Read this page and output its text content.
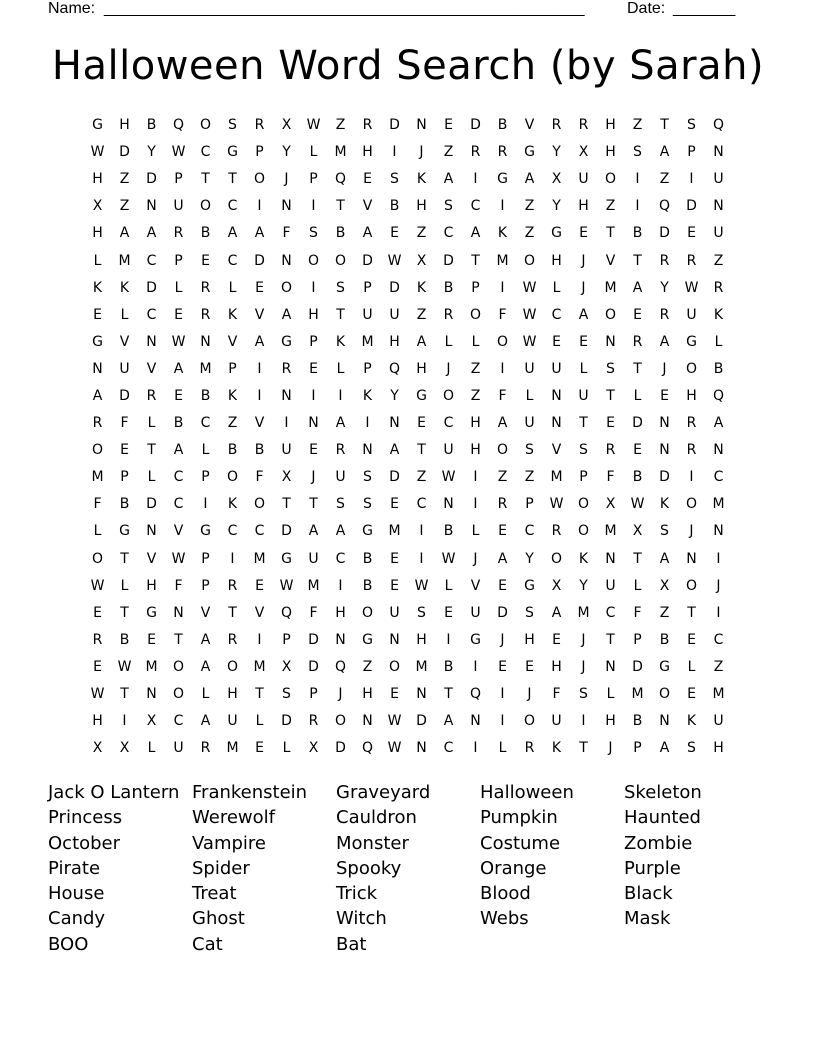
Name: ______________________________________________________	Date: _______
Halloween Word Search (by Sarah)
G	H	B	Q	O	S	R	X	W	Z	R	D	N	E	D	B	V	R	R	H	Z	T	S	Q
W	D	Y	W	C	G	P	Y	L	M	H	I	J	Z	R	R	G	Y	X	H	S	A	P	N
H	Z	D	P	T	T	O	J	P	Q	E	S	K	A	I	G	A	X	U	O	I	Z	I	U
X	Z	N	U	O	C	I	N	I	T	V	B	H	S	C	I	Z	Y	H	Z	I	Q	D	N
H	A	A	R	B	A	A	F	S	B	A	E	Z	C	A	K	Z	G	E	T	B	D	E	U
L	M	C	P	E	C	D	N	O	O	D	W	X	D	T	M	O	H	J	V	T	R	R	Z
K	K	D	L	R	L	E	O	I	S	P	D	K	B	P	I	W	L	J	M	A	Y	W	R
E	L	C	E	R	K	V	A	H	T	U	U	Z	R	O	F	W	C	A	O	E	R	U	K
G	V	N	W	N	V	A	G	P	K	M	H	A	L	L	O	W	E	E	N	R	A	G	L
N	U	V	A	M	P	I	R	E	L	P	Q	H	J	Z	I	U	U	L	S	T	J	O	B
A	D	R	E	B	K	I	N	I	I	K	Y	G	O	Z	F	L	N	U	T	L	E	H	Q
R	F	L	B	C	Z	V	I	N	A	I	N	E	C	H	A	U	N	T	E	D	N	R	A
O	E	T	A	L	B	B	U	E	R	N	A	T	U	H	O	S	V	S	R	E	N	R	N
M	P	L	C	P	O	F	X	J	U	S	D	Z	W	I	Z	Z	M	P	F	B	D	I	C
F	B	D	C	I	K	O	T	T	S	S	E	C	N	I	R	P	W	O	X	W	K	O	M
L	G	N	V	G	C	C	D	A	A	G	M	I	B	L	E	C	R	O	M	X	S	J	N
O	T	V	W	P	I	M	G	U	C	B	E	I	W	J	A	Y	O	K	N	T	A	N	I
W	L	H	F	P	R	E	W	M	I	B	E	W	L	V	E	G	X	Y	U	L	X	O	J
E	T	G	N	V	T	V	Q	F	H	O	U	S	E	U	D	S	A	M	C	F	Z	T	I
R	B	E	T	A	R	I	P	D	N	G	N	H	I	G	J	H	E	J	T	P	B	E	C
E	W	M	O	A	O	M	X	D	Q	Z	O	M	B	I	E	E	H	J	N	D	G	L	Z
W	T	N	O	L	H	T	S	P	J	H	E	N	T	Q	I	J	F	S	L	M	O	E	M
H	I	X	C	A	U	L	D	R	O	N	W	D	A	N	I	O	U	I	H	B	N	K	U
X	X	L	U	R	M	E	L	X	D	Q	W	N	C	I	L	R	K	T	J	P	A	S	H
Jack O Lantern
Princess
October
Pirate
House
Candy
BOO
Frankenstein
Werewolf
Vampire
Spider
Treat
Ghost
Cat
Graveyard
Cauldron
Monster
Spooky
Trick
Witch
Bat
Halloween
Pumpkin
Costume
Orange
Blood
Webs
Skeleton
Haunted
Zombie
Purple
Black
Mask
